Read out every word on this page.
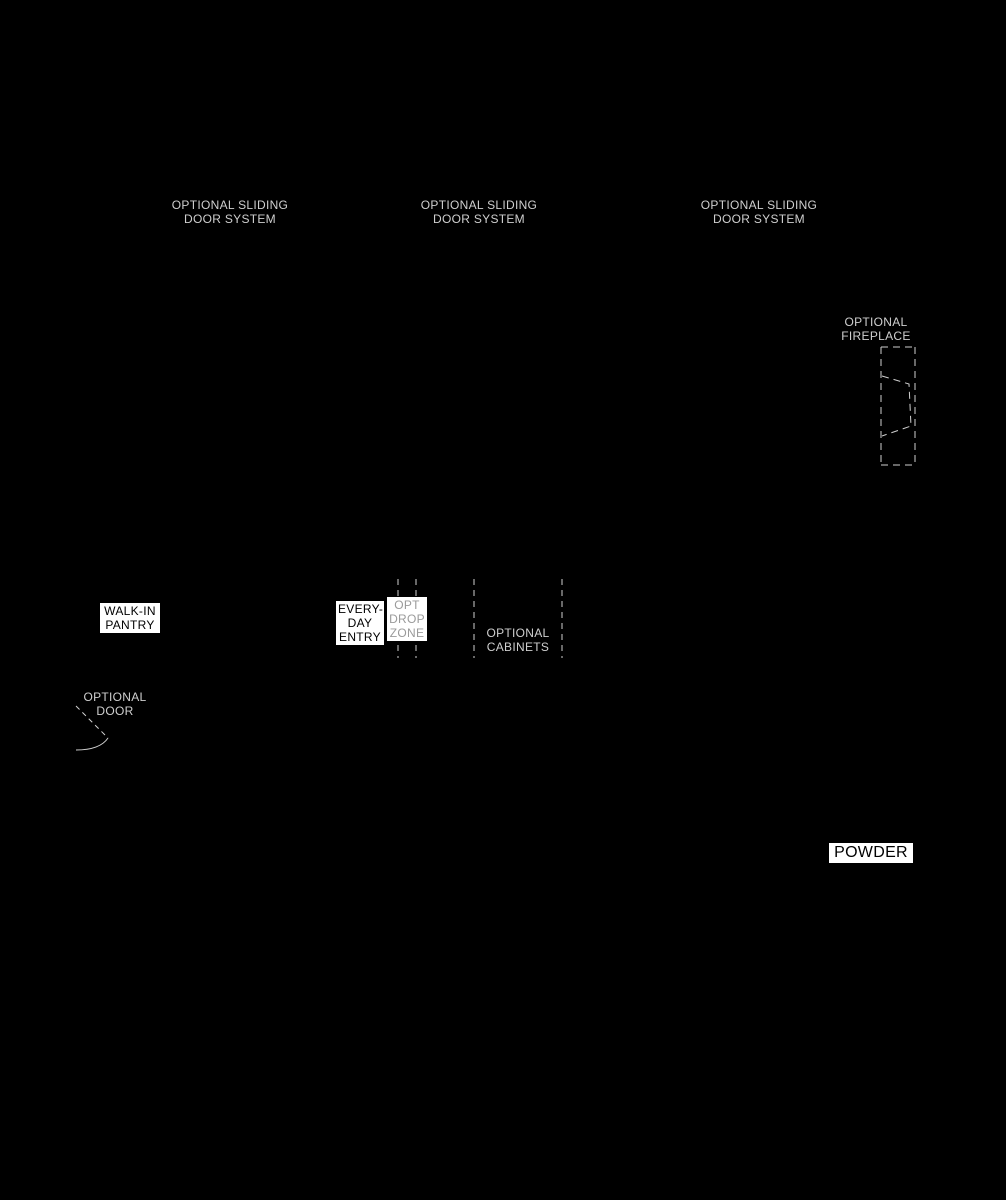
OPTIONAL SLIDING
DOOR SYSTEM
OPTIONAL SLIDING
DOOR SYSTEM
OPTIONAL SLIDING
DOOR SYSTEM
OPTIONAL
FIREPLACE
WALK-IN
PANTRY
EVERY-
DAY
ENTRY
OPT
DROP
ZONE	OPTIONAL
CABINETS
OPTIONAL
DOOR
POWDER
